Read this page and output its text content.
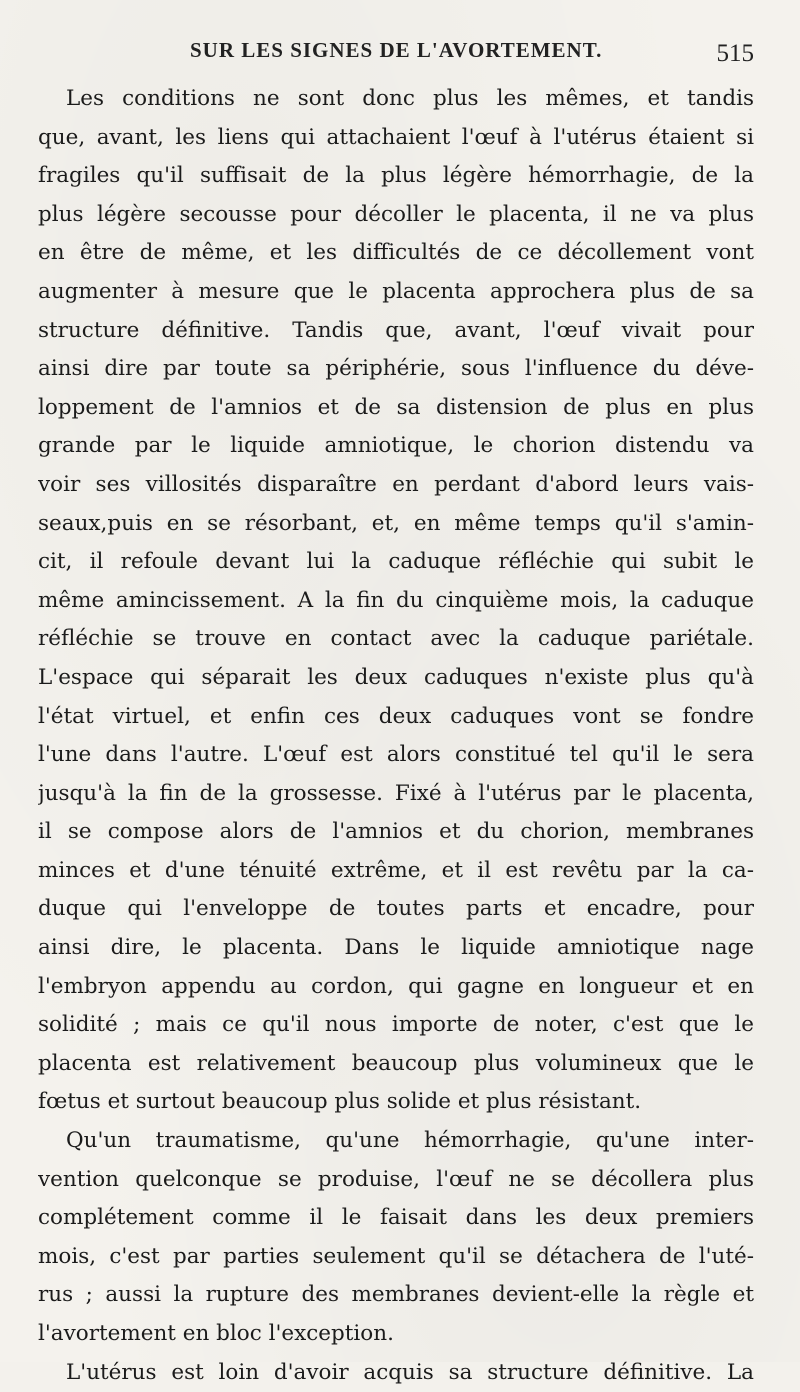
SUR LES SIGNES DE L'AVORTEMENT.	515
Les conditions ne sont donc plus les mêmes, et tandis
que, avant, les liens qui attachaient l'œuf à l'utérus étaient si
fragiles qu'il suffisait de la plus légère hémorrhagie, de la
plus légère secousse pour décoller le placenta, il ne va plus
en être de même, et les difficultés de ce décollement vont
augmenter à mesure que le placenta approchera plus de sa
structure définitive. Tandis que, avant, l'œuf vivait pour
ainsi dire par toute sa périphérie, sous l'influence du déve-
loppement de l'amnios et de sa distension de plus en plus
grande par le liquide amniotique, le chorion distendu va
voir ses villosités disparaître en perdant d'abord leurs vais-
seaux,puis en se résorbant, et, en même temps qu'il s'amin-
cit, il refoule devant lui la caduque réfléchie qui subit le
même amincissement. A la fin du cinquième mois, la caduque
réfléchie se trouve en contact avec la caduque pariétale.
L'espace qui séparait les deux caduques n'existe plus qu'à
l'état virtuel, et enfin ces deux caduques vont se fondre
l'une dans l'autre. L'œuf est alors constitué tel qu'il le sera
jusqu'à la fin de la grossesse. Fixé à l'utérus par le placenta,
il se compose alors de l'amnios et du chorion, membranes
minces et d'une ténuité extrême, et il est revêtu par la ca-
duque qui l'enveloppe de toutes parts et encadre, pour
ainsi dire, le placenta. Dans le liquide amniotique nage
l'embryon appendu au cordon, qui gagne en longueur et en
solidité ; mais ce qu'il nous importe de noter, c'est que le
placenta est relativement beaucoup plus volumineux que le
fœtus et surtout beaucoup plus solide et plus résistant.
Qu'un traumatisme, qu'une hémorrhagie, qu'une inter-
vention quelconque se produise, l'œuf ne se décollera plus
complétement comme il le faisait dans les deux premiers
mois, c'est par parties seulement qu'il se détachera de l'uté-
rus ; aussi la rupture des membranes devient-elle la règle et
l'avortement en bloc l'exception.
L'utérus est loin d'avoir acquis sa structure définitive. La
